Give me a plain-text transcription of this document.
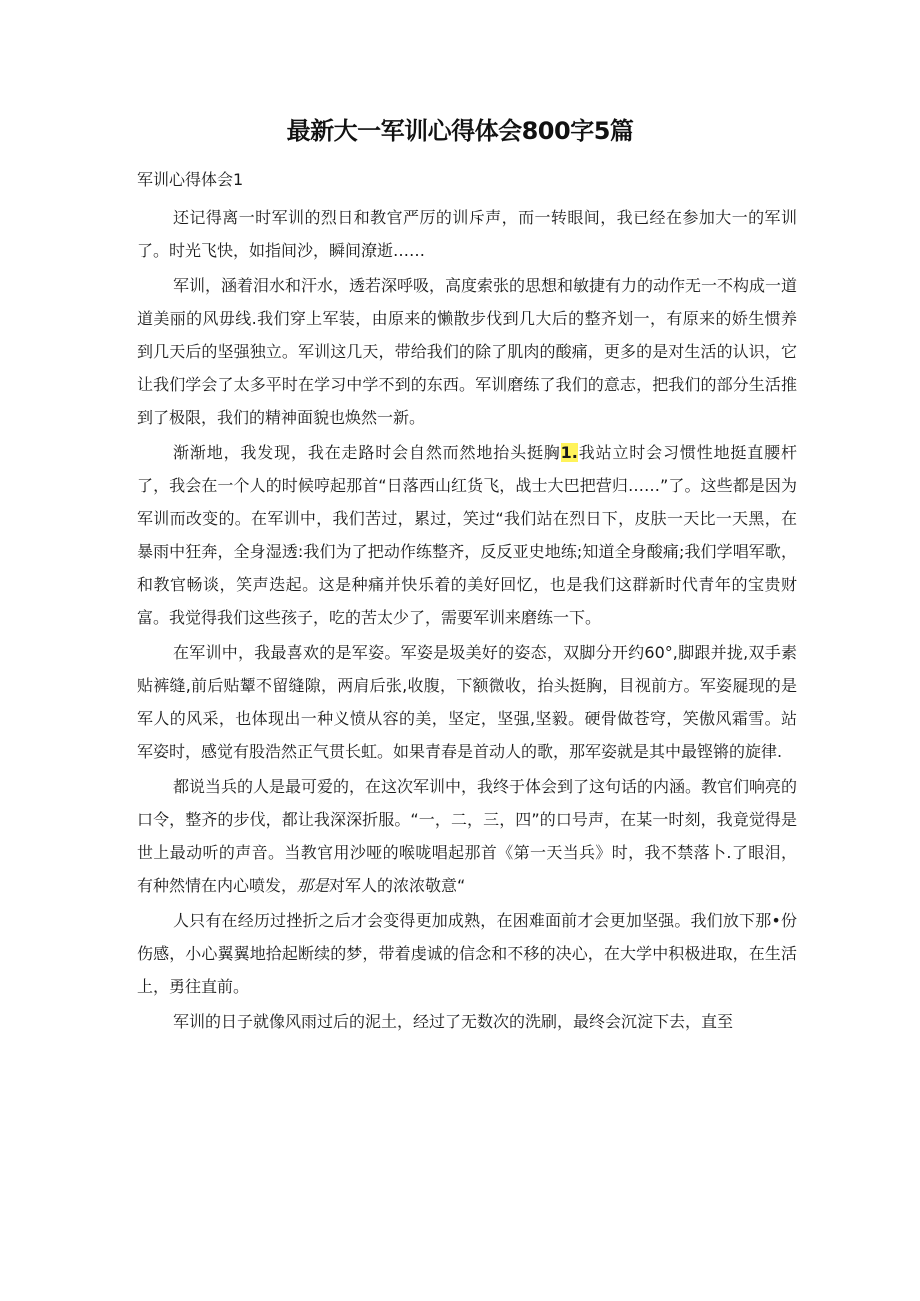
最新大一军训心得体会800字5篇
军训心得体会1

还记得离一时军训的烈日和教官严厉的训斥声，而一转眼间，我已经在参加大一的军训了。时光飞快，如指间沙，瞬间潦逝……

军训，涵着泪水和汗水，透若深呼吸，高度索张的思想和敏捷有力的动作无一不构成一道道美丽的风毋线.我们穿上军装，由原来的懒散步伐到几大后的整齐划一，有原来的娇生惯养到几天后的坚强独立。军训这几天，带给我们的除了肌肉的酸痛，更多的是对生活的认识，它让我们学会了太多平时在学习中学不到的东西。军训磨练了我们的意志，把我们的部分生活推到了极限，我们的精神面貌也焕然一新。

渐渐地，我发现，我在走路时会自然而然地抬头挺胸1.我站立时会习惯性地挺直腰杆了，我会在一个人的时候哼起那首“日落西山红货飞，战士大巴把营归……”了。这些都是因为军训而改变的。在军训中，我们苦过，累过，笑过“我们站在烈日下，皮肤一天比一天黑，在暴雨中狂奔，全身湿透:我们为了把动作练整齐，反反亚史地练;知道全身酸痛;我们学唱军歌，和教官畅谈，笑声迭起。这是种痛并快乐着的美好回忆，也是我们这群新时代青年的宝贵财富。我觉得我们这些孩子，吃的苦太少了，需要军训来磨练一下。

在军训中，我最喜欢的是军姿。军姿是圾美好的姿态，双脚分开约60°,脚跟并拢,双手素贴裤缝,前后贴颦不留缝隙，两肩后张,收腹，下额微收，抬头挺胸，目视前方。军姿屣现的是军人的风采，也体现出一种义愤从容的美，坚定，坚强,坚毅。硬骨做苍穹，笑傲风霜雪。站军姿时，感觉有股浩然正气贯长虹。如果青春是首动人的歌，那军姿就是其中最铿锵的旋律.

都说当兵的人是最可爱的，在这次军训中，我终于体会到了这句话的内涵。教官们响亮的口令，整齐的步伐，都让我深深折服。“一，二，三，四”的口号声，在某一时刻，我竟觉得是世上最动听的声音。当教官用沙哑的喉咙唱起那首《第一天当兵》时，我不禁落卜.了眼泪，有种然情在内心喷发，那是对军人的浓浓敬意“

人只有在经历过挫折之后才会变得更加成熟，在困难面前才会更加坚强。我们放下那•份伤感，小心翼翼地拾起断续的梦，带着虔诚的信念和不移的决心，在大学中积极进取，在生活上，勇往直前。

军训的日子就像风雨过后的泥土，经过了无数次的洗刷，最终会沉淀下去，直至
